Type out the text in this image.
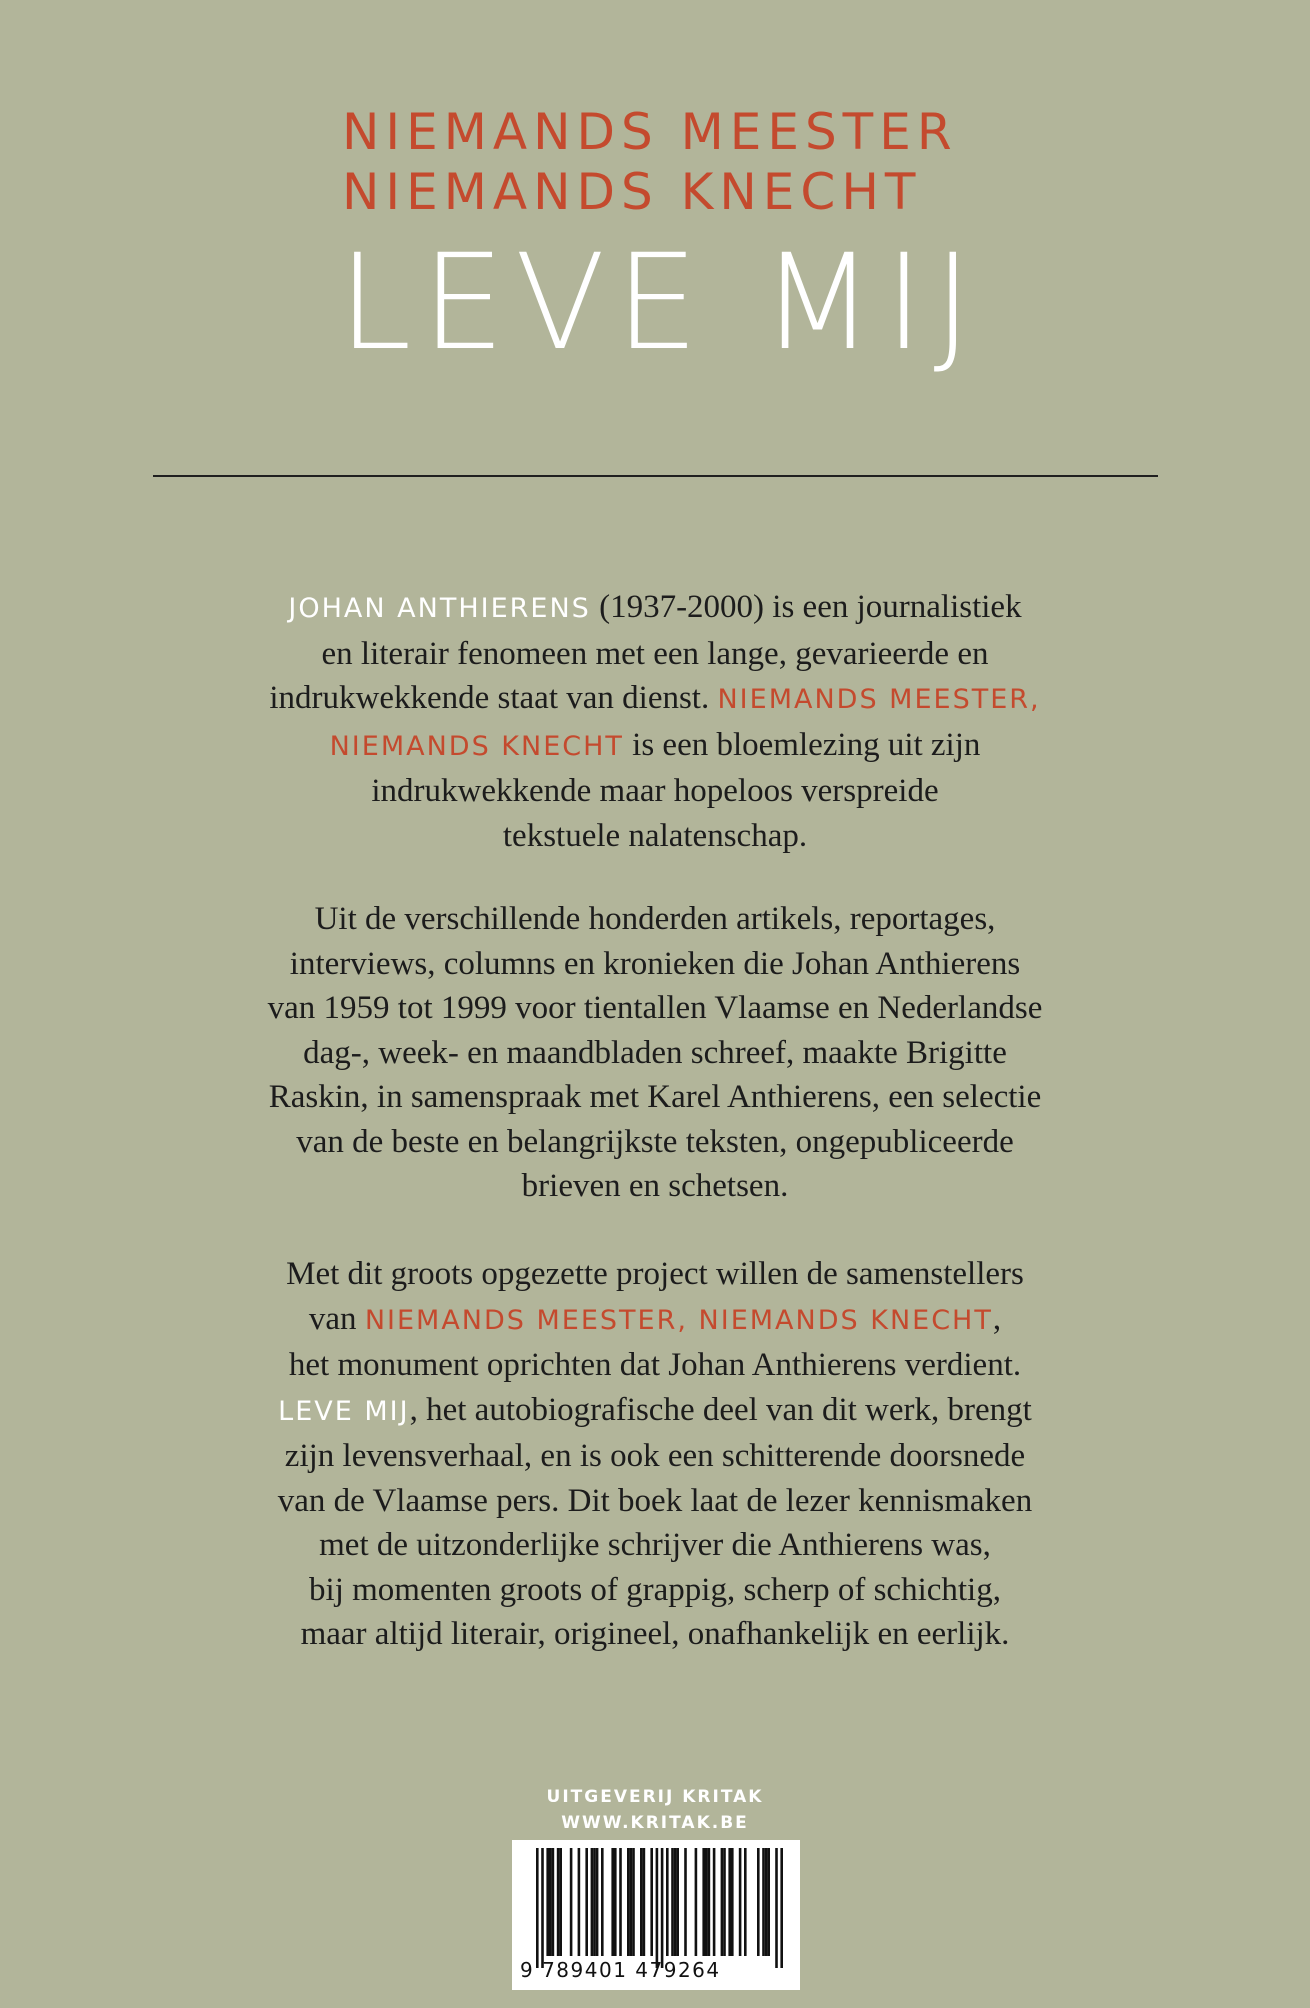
NIEMANDS MEESTER
NIEMANDS KNECHT
LEVE MIJ
JOHAN ANTHIERENS (1937-2000) is een journalistiek
en literair fenomeen met een lange, gevarieerde en
indrukwekkende staat van dienst. NIEMANDS MEESTER,
NIEMANDS KNECHT is een bloemlezing uit zijn
indrukwekkende maar hopeloos verspreide
tekstuele nalatenschap.
Uit de verschillende honderden artikels, reportages,
interviews, columns en kronieken die Johan Anthierens
van 1959 tot 1999 voor tientallen Vlaamse en Nederlandse
dag-, week- en maandbladen schreef, maakte Brigitte
Raskin, in samenspraak met Karel Anthierens, een selectie
van de beste en belangrijkste teksten, ongepubliceerde
brieven en schetsen.
Met dit groots opgezette project willen de samenstellers
van NIEMANDS MEESTER, NIEMANDS KNECHT,
het monument oprichten dat Johan Anthierens verdient.
LEVE MIJ, het autobiografische deel van dit werk, brengt
zijn levensverhaal, en is ook een schitterende doorsnede
van de Vlaamse pers. Dit boek laat de lezer kennismaken
met de uitzonderlijke schrijver die Anthierens was,
bij momenten groots of grappig, scherp of schichtig,
maar altijd literair, origineel, onafhankelijk en eerlijk.
UITGEVERIJ KRITAK
WWW.KRITAK.BE
9 789401 479264
